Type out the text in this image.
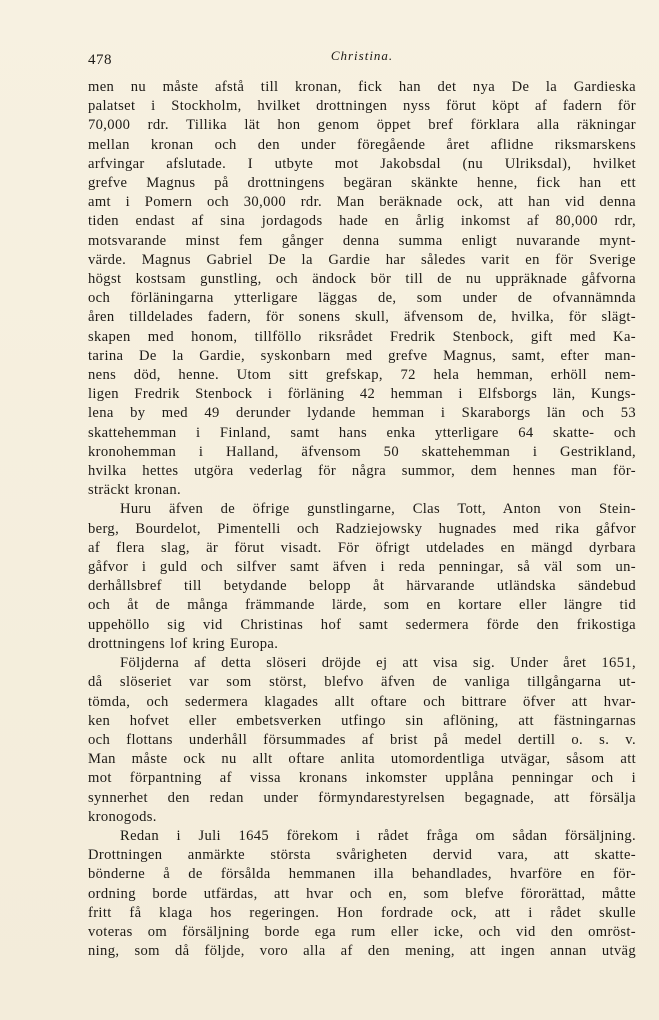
478	Christina.
men nu måste afstå till kronan, fick han det nya De la Gardieska
palatset i Stockholm, hvilket drottningen nyss förut köpt af fadern för
70,000 rdr. Tillika lät hon genom öppet bref förklara alla räkningar
mellan kronan och den under föregående året aflidne riksmarskens
arfvingar afslutade. I utbyte mot Jakobsdal (nu Ulriksdal), hvilket
grefve Magnus på drottningens begäran skänkte henne, fick han ett
amt i Pomern och 30,000 rdr. Man beräknade ock, att han vid denna
tiden endast af sina jordagods hade en årlig inkomst af 80,000 rdr,
motsvarande minst fem gånger denna summa enligt nuvarande mynt-
värde. Magnus Gabriel De la Gardie har således varit en för Sverige
högst kostsam gunstling, och ändock bör till de nu uppräknade gåfvorna
och förläningarna ytterligare läggas de, som under de ofvannämnda
åren tilldelades fadern, för sonens skull, äfvensom de, hvilka, för slägt-
skapen med honom, tillföllo riksrådet Fredrik Stenbock, gift med Ka-
tarina De la Gardie, syskonbarn med grefve Magnus, samt, efter man-
nens död, henne. Utom sitt grefskap, 72 hela hemman, erhöll nem-
ligen Fredrik Stenbock i förläning 42 hemman i Elfsborgs län, Kungs-
lena by med 49 derunder lydande hemman i Skaraborgs län och 53
skattehemman i Finland, samt hans enka ytterligare 64 skatte- och
kronohemman i Halland, äfvensom 50 skattehemman i Gestrikland,
hvilka hettes utgöra vederlag för några summor, dem hennes man för-
sträckt kronan.
Huru äfven de öfrige gunstlingarne, Clas Tott, Anton von Stein-
berg, Bourdelot, Pimentelli och Radziejowsky hugnades med rika gåfvor
af flera slag, är förut visadt. För öfrigt utdelades en mängd dyrbara
gåfvor i guld och silfver samt äfven i reda penningar, så väl som un-
derhållsbref till betydande belopp åt härvarande utländska sändebud
och åt de många främmande lärde, som en kortare eller längre tid
uppehöllo sig vid Christinas hof samt sedermera förde den frikostiga
drottningens lof kring Europa.
Följderna af detta slöseri dröjde ej att visa sig. Under året 1651,
då slöseriet var som störst, blefvo äfven de vanliga tillgångarna ut-
tömda, och sedermera klagades allt oftare och bittrare öfver att hvar-
ken hofvet eller embetsverken utfingo sin aflöning, att fästningarnas
och flottans underhåll försummades af brist på medel dertill o. s. v.
Man måste ock nu allt oftare anlita utomordentliga utvägar, såsom att
mot förpantning af vissa kronans inkomster upplåna penningar och i
synnerhet den redan under förmyndarestyrelsen begagnade, att försälja
kronogods.
Redan i Juli 1645 förekom i rådet fråga om sådan försäljning.
Drottningen anmärkte största svårigheten dervid vara, att skatte-
bönderne å de försålda hemmanen illa behandlades, hvarföre en för-
ordning borde utfärdas, att hvar och en, som blefve förorättad, måtte
fritt få klaga hos regeringen. Hon fordrade ock, att i rådet skulle
voteras om försäljning borde ega rum eller icke, och vid den omröst-
ning, som då följde, voro alla af den mening, att ingen annan utväg
